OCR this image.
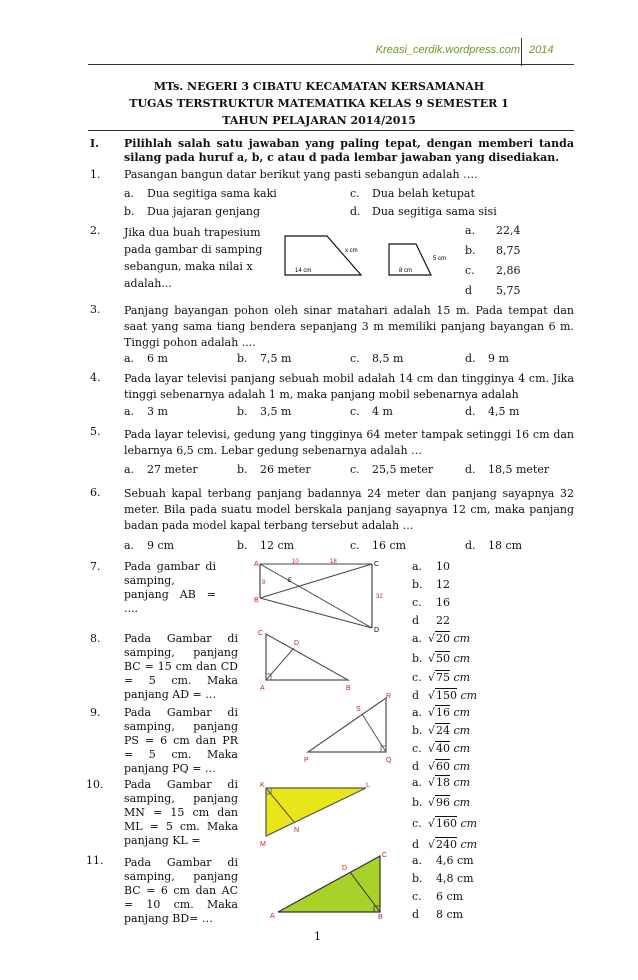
Kreasi_cerdik.wordpress.com 2014
MTs. NEGERI 3 CIBATU KECAMATAN KERSAMANAH
TUGAS TERSTRUKTUR MATEMATIKA KELAS 9 SEMESTER 1
TAHUN PELAJARAN 2014/2015
I. Pilihlah salah satu jawaban yang paling tepat, dengan memberi tanda silang pada huruf a, b, c atau d pada lembar jawaban yang disediakan.
1. Pasangan bangun datar berikut yang pasti sebangun adalah ….
a. Dua segitiga sama kaki	c. Dua belah ketupat
b. Dua jajaran genjang	d. Dua segitiga sama sisi
2. Jika dua buah trapesium pada gambar di samping sebangun, maka nilai x adalah...
x cm
14 cm	8 cm
5 cm
a. 22,4
b. 8,75
c. 2,86
d 5,75
3. Panjang bayangan pohon oleh sinar matahari adalah 15 m. Pada tempat dan saat yang sama tiang bendera sepanjang 3 m memiliki panjang bayangan 6 m. Tinggi pohon adalah ....
a. 6 m	b. 7,5 m	c. 8,5 m	d. 9 m
4. Pada layar televisi panjang sebuah mobil adalah 14 cm dan tingginya 4 cm. Jika tinggi sebenarnya adalah 1 m, maka panjang mobil sebenarnya adalah
a. 3 m	b. 3,5 m	c. 4 m	d. 4,5 m
5. Pada layar televisi, gedung yang tingginya 64 meter tampak setinggi 16 cm dan lebarnya 6,5 cm. Lebar gedung sebenarnya adalah …
a. 27 meter	b. 26 meter	c. 25,5 meter	d. 18,5 meter
6. Sebuah kapal terbang panjang badannya 24 meter dan panjang sayapnya 32 meter. Bila pada suatu model berskala panjang sayapnya 12 cm, maka panjang badan pada model kapal terbang tersebut adalah …
a. 9 cm	b. 12 cm	c. 16 cm	d. 18 cm
7. Pada gambar di samping, panjang AB = ....
A
B
C
D
10	18
32
8	E
a. 10
b. 12
c. 16
d 22
8. Pada Gambar di samping, panjang BC = 15 cm dan CD = 5 cm. Maka panjang AD = …
C
D
A	B
a. √20 cm
b. √50 cm
c. √75 cm
d √150 cm
9. Pada Gambar di samping, panjang PS = 6 cm dan PR = 5 cm. Maka panjang PQ = …
R
S
P	Q
a. √16 cm
b. √24 cm
c. √40 cm
d √60 cm
10. Pada Gambar di samping, panjang MN = 15 cm dan ML = 5 cm. Maka panjang KL =
K	L
N
M
a. √18 cm
b. √96 cm
c. √160 cm
d √240 cm
11. Pada Gambar di samping, panjang BC = 6 cm dan AC = 10 cm. Maka panjang BD= …
C
D
A	B
a. 4,6 cm
b. 4,8 cm
c. 6 cm
d 8 cm
1
